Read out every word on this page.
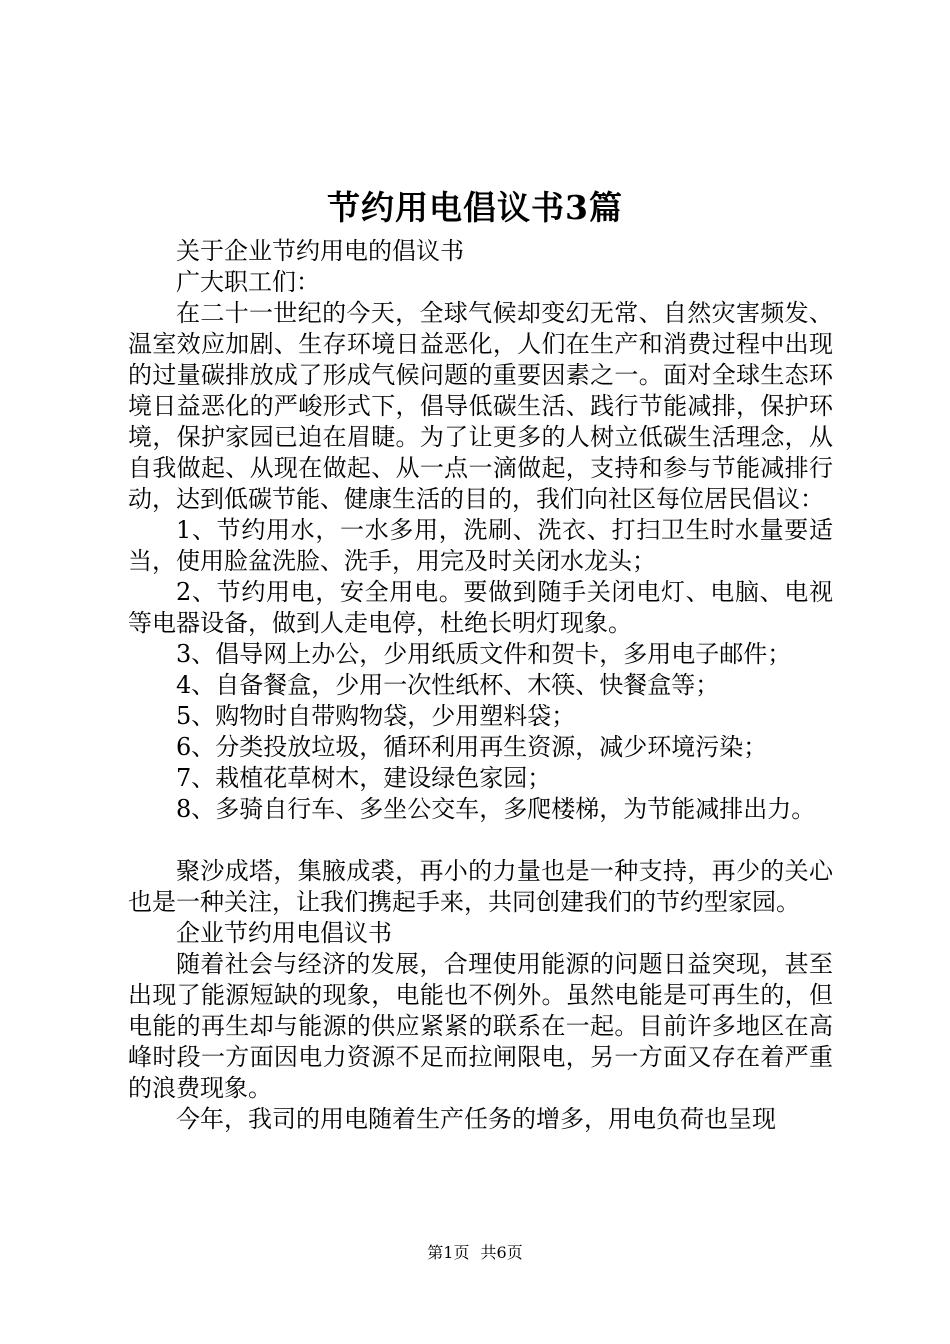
节约用电倡议书3篇

关于企业节约用电的倡议书

广大职工们：

在二十一世纪的今天，全球气候却变幻无常、自然灾害频发、温室效应加剧、生存环境日益恶化，人们在生产和消费过程中出现的过量碳排放成了形成气候问题的重要因素之一。面对全球生态环境日益恶化的严峻形式下，倡导低碳生活、践行节能减排，保护环境，保护家园已迫在眉睫。为了让更多的人树立低碳生活理念，从自我做起、从现在做起、从一点一滴做起，支持和参与节能减排行动，达到低碳节能、健康生活的目的，我们向社区每位居民倡议：

1、节约用水，一水多用，洗刷、洗衣、打扫卫生时水量要适当，使用脸盆洗脸、洗手，用完及时关闭水龙头；

2、节约用电，安全用电。要做到随手关闭电灯、电脑、电视等电器设备，做到人走电停，杜绝长明灯现象。

3、倡导网上办公，少用纸质文件和贺卡，多用电子邮件；

4、自备餐盒，少用一次性纸杯、木筷、快餐盒等；

5、购物时自带购物袋，少用塑料袋；

6、分类投放垃圾，循环利用再生资源，减少环境污染；

7、栽植花草树木，建设绿色家园；

8、多骑自行车、多坐公交车，多爬楼梯，为节能减排出力。

聚沙成塔，集腋成裘，再小的力量也是一种支持，再少的关心也是一种关注，让我们携起手来，共同创建我们的节约型家园。

企业节约用电倡议书

随着社会与经济的发展，合理使用能源的问题日益突现，甚至出现了能源短缺的现象，电能也不例外。虽然电能是可再生的，但电能的再生却与能源的供应紧紧的联系在一起。目前许多地区在高峰时段一方面因电力资源不足而拉闸限电，另一方面又存在着严重的浪费现象。

今年，我司的用电随着生产任务的增多，用电负荷也呈现

第1页 共6页
